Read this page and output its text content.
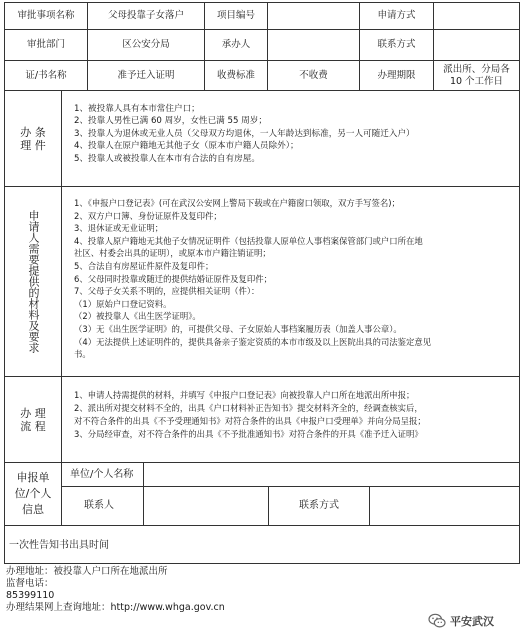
审批事项名称	父母投靠子女落户	项目编号	申请方式
审批部门	区公安分局	承办人	联系方式
证/书名称	准予迁入证明	收费标准	不收费	办理期限
派出所、分局各
10 个工作日
办 条
理 件
1、被投靠人具有本市常住户口；
2、投靠人男性已满 60 周岁，女性已满 55 周岁；
3、投靠人为退休或无业人员（父母双方均退休，一人年龄达到标准，另一人可随迁入户）
4、投靠人在原户籍地无其他子女（原本市户籍人员除外）；
5、投靠人或被投靠人在本市有合法的自有房屋。
申请人需要提供的材料及要求
1、《申报户口登记表》(可在武汉公安网上警局下载或在户籍窗口领取，双方手写签名)；
2、双方户口簿、身份证原件及复印件；
3、退休证或无业证明；
4、投靠人原户籍地无其他子女情况证明件（包括投靠人原单位人事档案保管部门或户口所在地
社区、村委会出具的证明），或原本市户籍注销证明；
5、合法自有房屋证件原件及复印件；
6、父母同时投靠或随迁的提供结婚证原件及复印件；
7、父母子女关系不明的，应提供相关证明（件）：
（1）原始户口登记资料。
（2）被投靠人《出生医学证明》。
（3）无《出生医学证明》的，可提供父母、子女原始人事档案履历表（加盖人事公章）。
（4）无法提供上述证明件的，提供具备亲子鉴定资质的本市市级及以上医院出具的司法鉴定意见
书。
办 理
流 程
1、申请人持需提供的材料，并填写《申报户口登记表》向被投靠人户口所在地派出所申报；
2、派出所对提交材料不全的，出具《户口材料补正告知书》提交材料齐全的，经调查核实后，
对不符合条件的出具《不予受理通知书》对符合条件的出具《申报户口受理单》并向分局呈报；
3、分局经审查，对不符合条件的出具《不予批准通知书》对符合条件的开具《准予迁入证明》
申报单
位/个人
信息
单位/个人名称
联系人	联系方式
一次性告知书出具时间
办理地址：被投靠人户口所在地派出所
监督电话：
85399110
办理结果网上查询地址：http://www.whga.gov.cn
平安武汉
